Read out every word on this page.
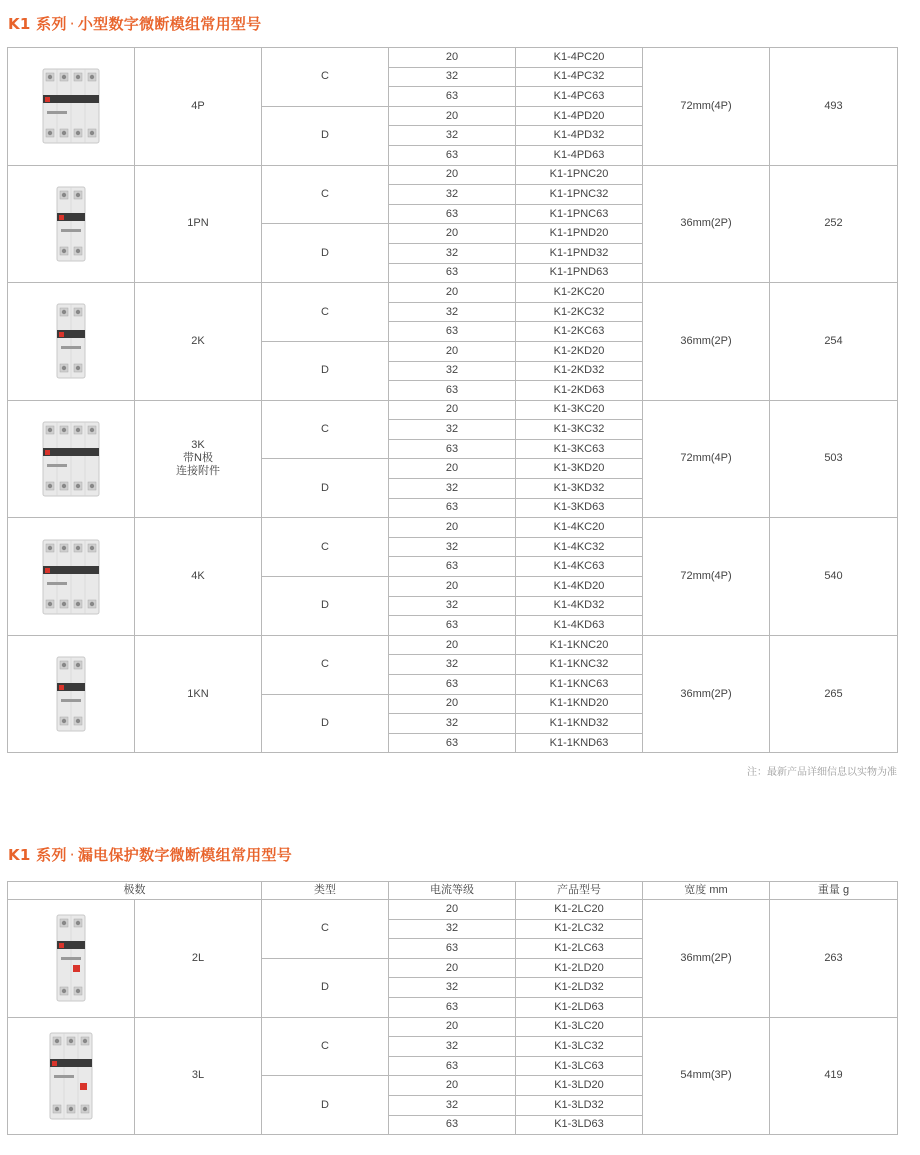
K1 系列 · 小型数字微断模组常用型号

4P	C	20	K1-4PC20	72mm(4P)	493
			32	K1-4PC32		
			63	K1-4PC63		
		D	20	K1-4PD20		
			32	K1-4PD32		
			63	K1-4PD63		

1PN	C	20	K1-1PNC20	36mm(2P)	252
			32	K1-1PNC32		
			63	K1-1PNC63		
		D	20	K1-1PND20		
			32	K1-1PND32		
			63	K1-1PND63		

2K	C	20	K1-2KC20	36mm(2P)	254
			32	K1-2KC32		
			63	K1-2KC63		
		D	20	K1-2KD20		
			32	K1-2KD32		
			63	K1-2KD63		

3K
带N极
连接附件	C	20	K1-3KC20	72mm(4P)	503
			32	K1-3KC32		
			63	K1-3KC63		
		D	20	K1-3KD20		
			32	K1-3KD32		
			63	K1-3KD63		

4K	C	20	K1-4KC20	72mm(4P)	540
			32	K1-4KC32		
			63	K1-4KC63		
		D	20	K1-4KD20		
			32	K1-4KD32		
			63	K1-4KD63		

1KN	C	20	K1-1KNC20	36mm(2P)	265
			32	K1-1KNC32		
			63	K1-1KNC63		
		D	20	K1-1KND20		
			32	K1-1KND32		
			63	K1-1KND63		
注：最新产品详细信息以实物为准
K1 系列 · 漏电保护数字微断模组常用型号
极数		类型	电流等级	产品型号	宽度 mm	重量 g

2L	C	20	K1-2LC20	36mm(2P)	263
			32	K1-2LC32		
			63	K1-2LC63		
		D	20	K1-2LD20		
			32	K1-2LD32		
			63	K1-2LD63		

3L	C	20	K1-3LC20	54mm(3P)	419
			32	K1-3LC32		
			63	K1-3LC63		
		D	20	K1-3LD20		
			32	K1-3LD32		
			63	K1-3LD63		
